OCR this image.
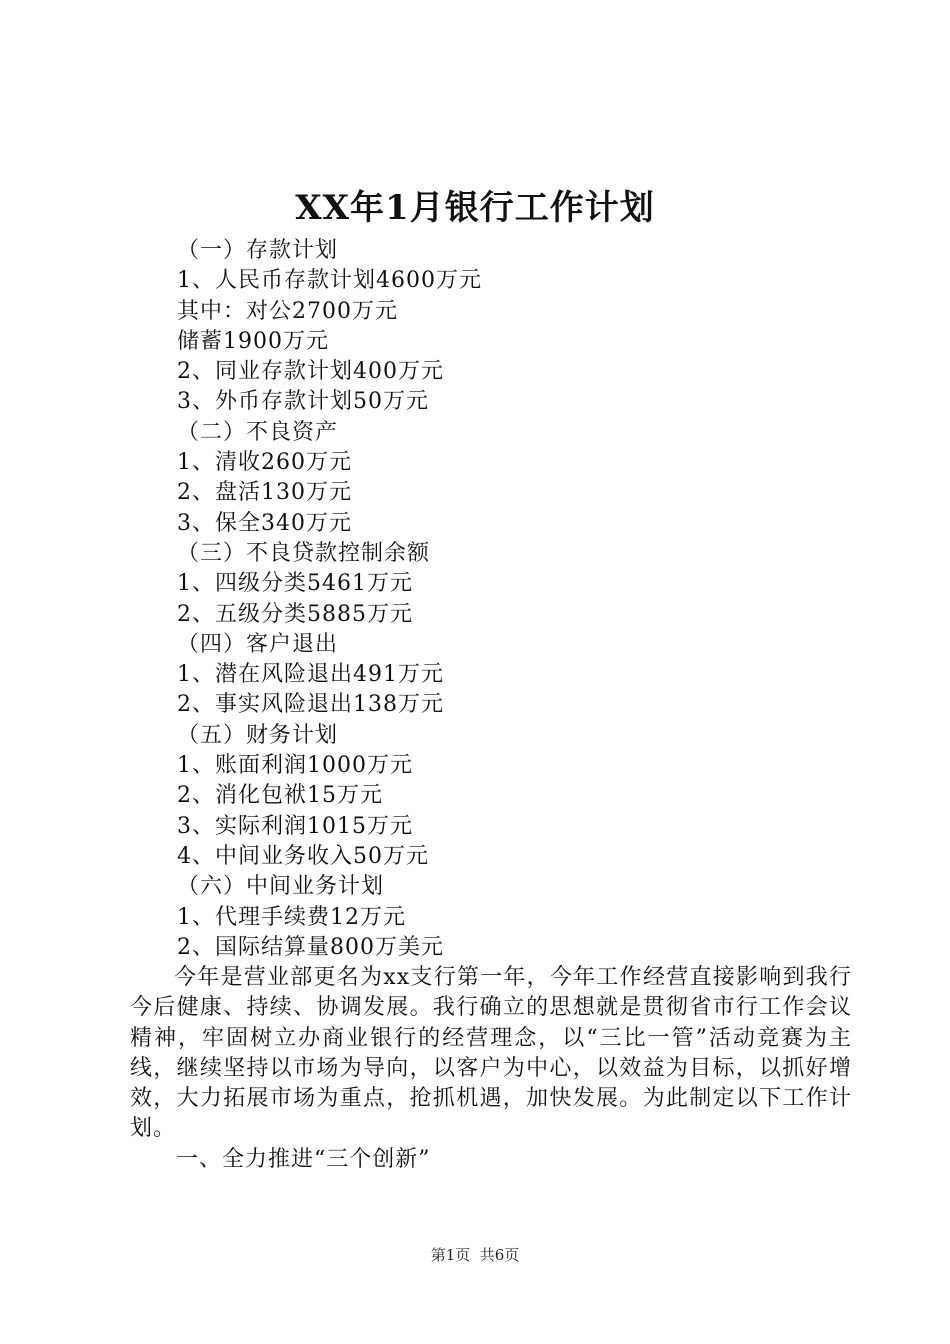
XX年1月银行工作计划
（一）存款计划
1、人民币存款计划4600万元
其中：对公2700万元
储蓄1900万元
2、同业存款计划400万元
3、外币存款计划50万元
（二）不良资产
1、清收260万元
2、盘活130万元
3、保全340万元
（三）不良贷款控制余额
1、四级分类5461万元
2、五级分类5885万元
（四）客户退出
1、潜在风险退出491万元
2、事实风险退出138万元
（五）财务计划
1、账面利润1000万元
2、消化包袱15万元
3、实际利润1015万元
4、中间业务收入50万元
（六）中间业务计划
1、代理手续费12万元
2、国际结算量800万美元

今年是营业部更名为xx支行第一年，今年工作经营直接影响到我行今后健康、持续、协调发展。我行确立的思想就是贯彻省市行工作会议精神，牢固树立办商业银行的经营理念，以“三比一管”活动竞赛为主线，继续坚持以市场为导向，以客户为中心，以效益为目标，以抓好增效，大力拓展市场为重点，抢抓机遇，加快发展。为此制定以下工作计划。

一、全力推进“三个创新”
第1页  共6页
